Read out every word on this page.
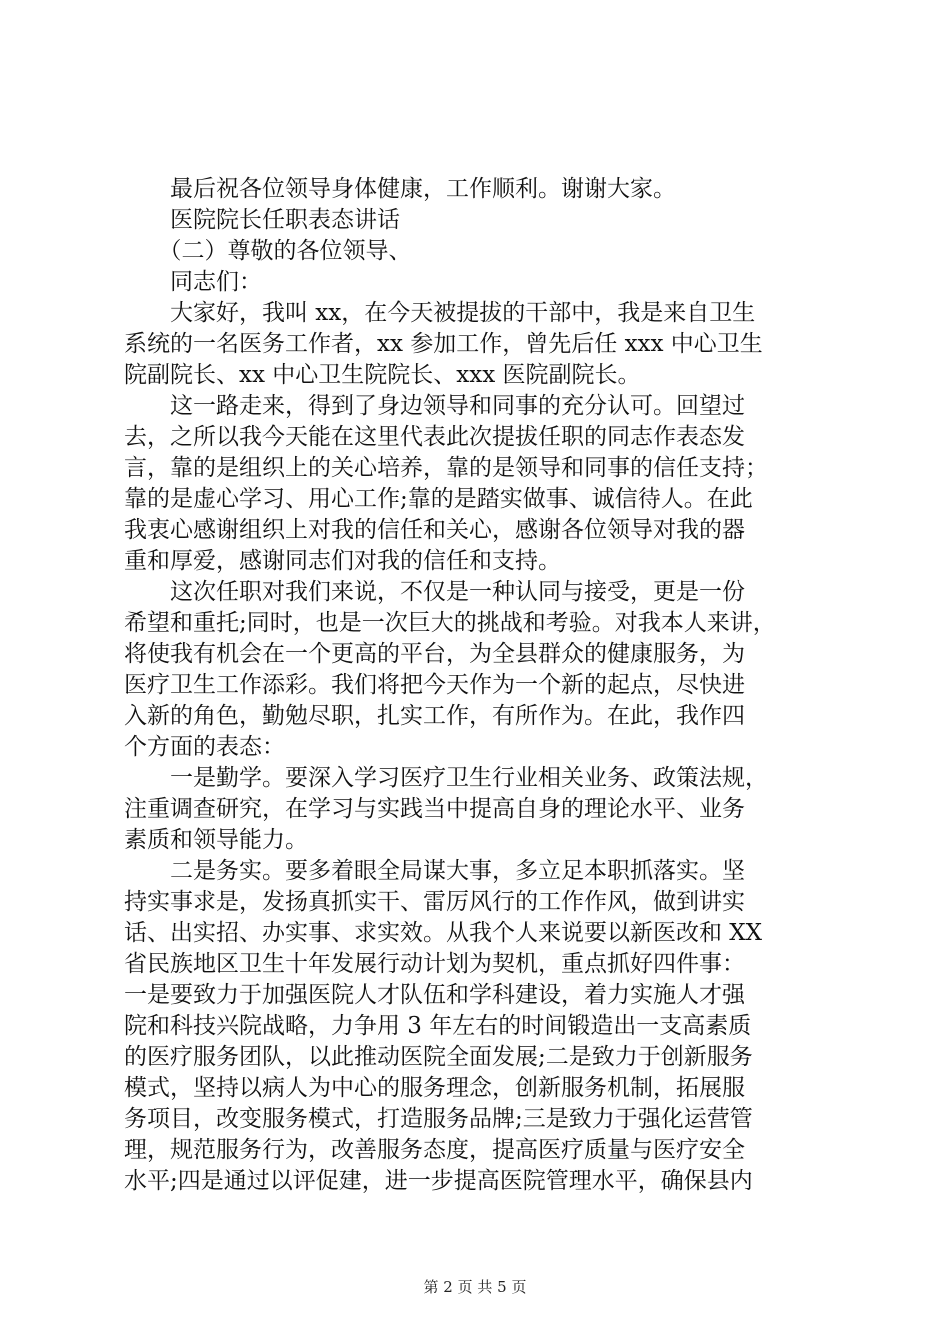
　　最后祝各位领导身体健康，工作顺利。谢谢大家。
　　医院院长任职表态讲话
　　（二）尊敬的各位领导、
　　同志们：
　　大家好，我叫 xx，在今天被提拔的干部中，我是来自卫生
系统的一名医务工作者，xx 参加工作，曾先后任 xxx 中心卫生
院副院长、xx 中心卫生院院长、xxx 医院副院长。
　　这一路走来，得到了身边领导和同事的充分认可。回望过
去，之所以我今天能在这里代表此次提拔任职的同志作表态发
言，靠的是组织上的关心培养，靠的是领导和同事的信任支持；
靠的是虚心学习、用心工作;靠的是踏实做事、诚信待人。在此
我衷心感谢组织上对我的信任和关心，感谢各位领导对我的器
重和厚爱，感谢同志们对我的信任和支持。
　　这次任职对我们来说，不仅是一种认同与接受，更是一份
希望和重托;同时，也是一次巨大的挑战和考验。对我本人来讲，
将使我有机会在一个更高的平台，为全县群众的健康服务，为
医疗卫生工作添彩。我们将把今天作为一个新的起点，尽快进
入新的角色，勤勉尽职，扎实工作，有所作为。在此，我作四
个方面的表态：
　　一是勤学。要深入学习医疗卫生行业相关业务、政策法规，
注重调查研究，在学习与实践当中提高自身的理论水平、业务
素质和领导能力。
　　二是务实。要多着眼全局谋大事，多立足本职抓落实。坚
持实事求是，发扬真抓实干、雷厉风行的工作作风，做到讲实
话、出实招、办实事、求实效。从我个人来说要以新医改和 XX
省民族地区卫生十年发展行动计划为契机，重点抓好四件事：
一是要致力于加强医院人才队伍和学科建设，着力实施人才强
院和科技兴院战略，力争用 3 年左右的时间锻造出一支高素质
的医疗服务团队，以此推动医院全面发展;二是致力于创新服务
模式，坚持以病人为中心的服务理念，创新服务机制，拓展服
务项目，改变服务模式，打造服务品牌;三是致力于强化运营管
理，规范服务行为，改善服务态度，提高医疗质量与医疗安全
水平;四是通过以评促建，进一步提高医院管理水平，确保县内
第 2 页 共 5 页
